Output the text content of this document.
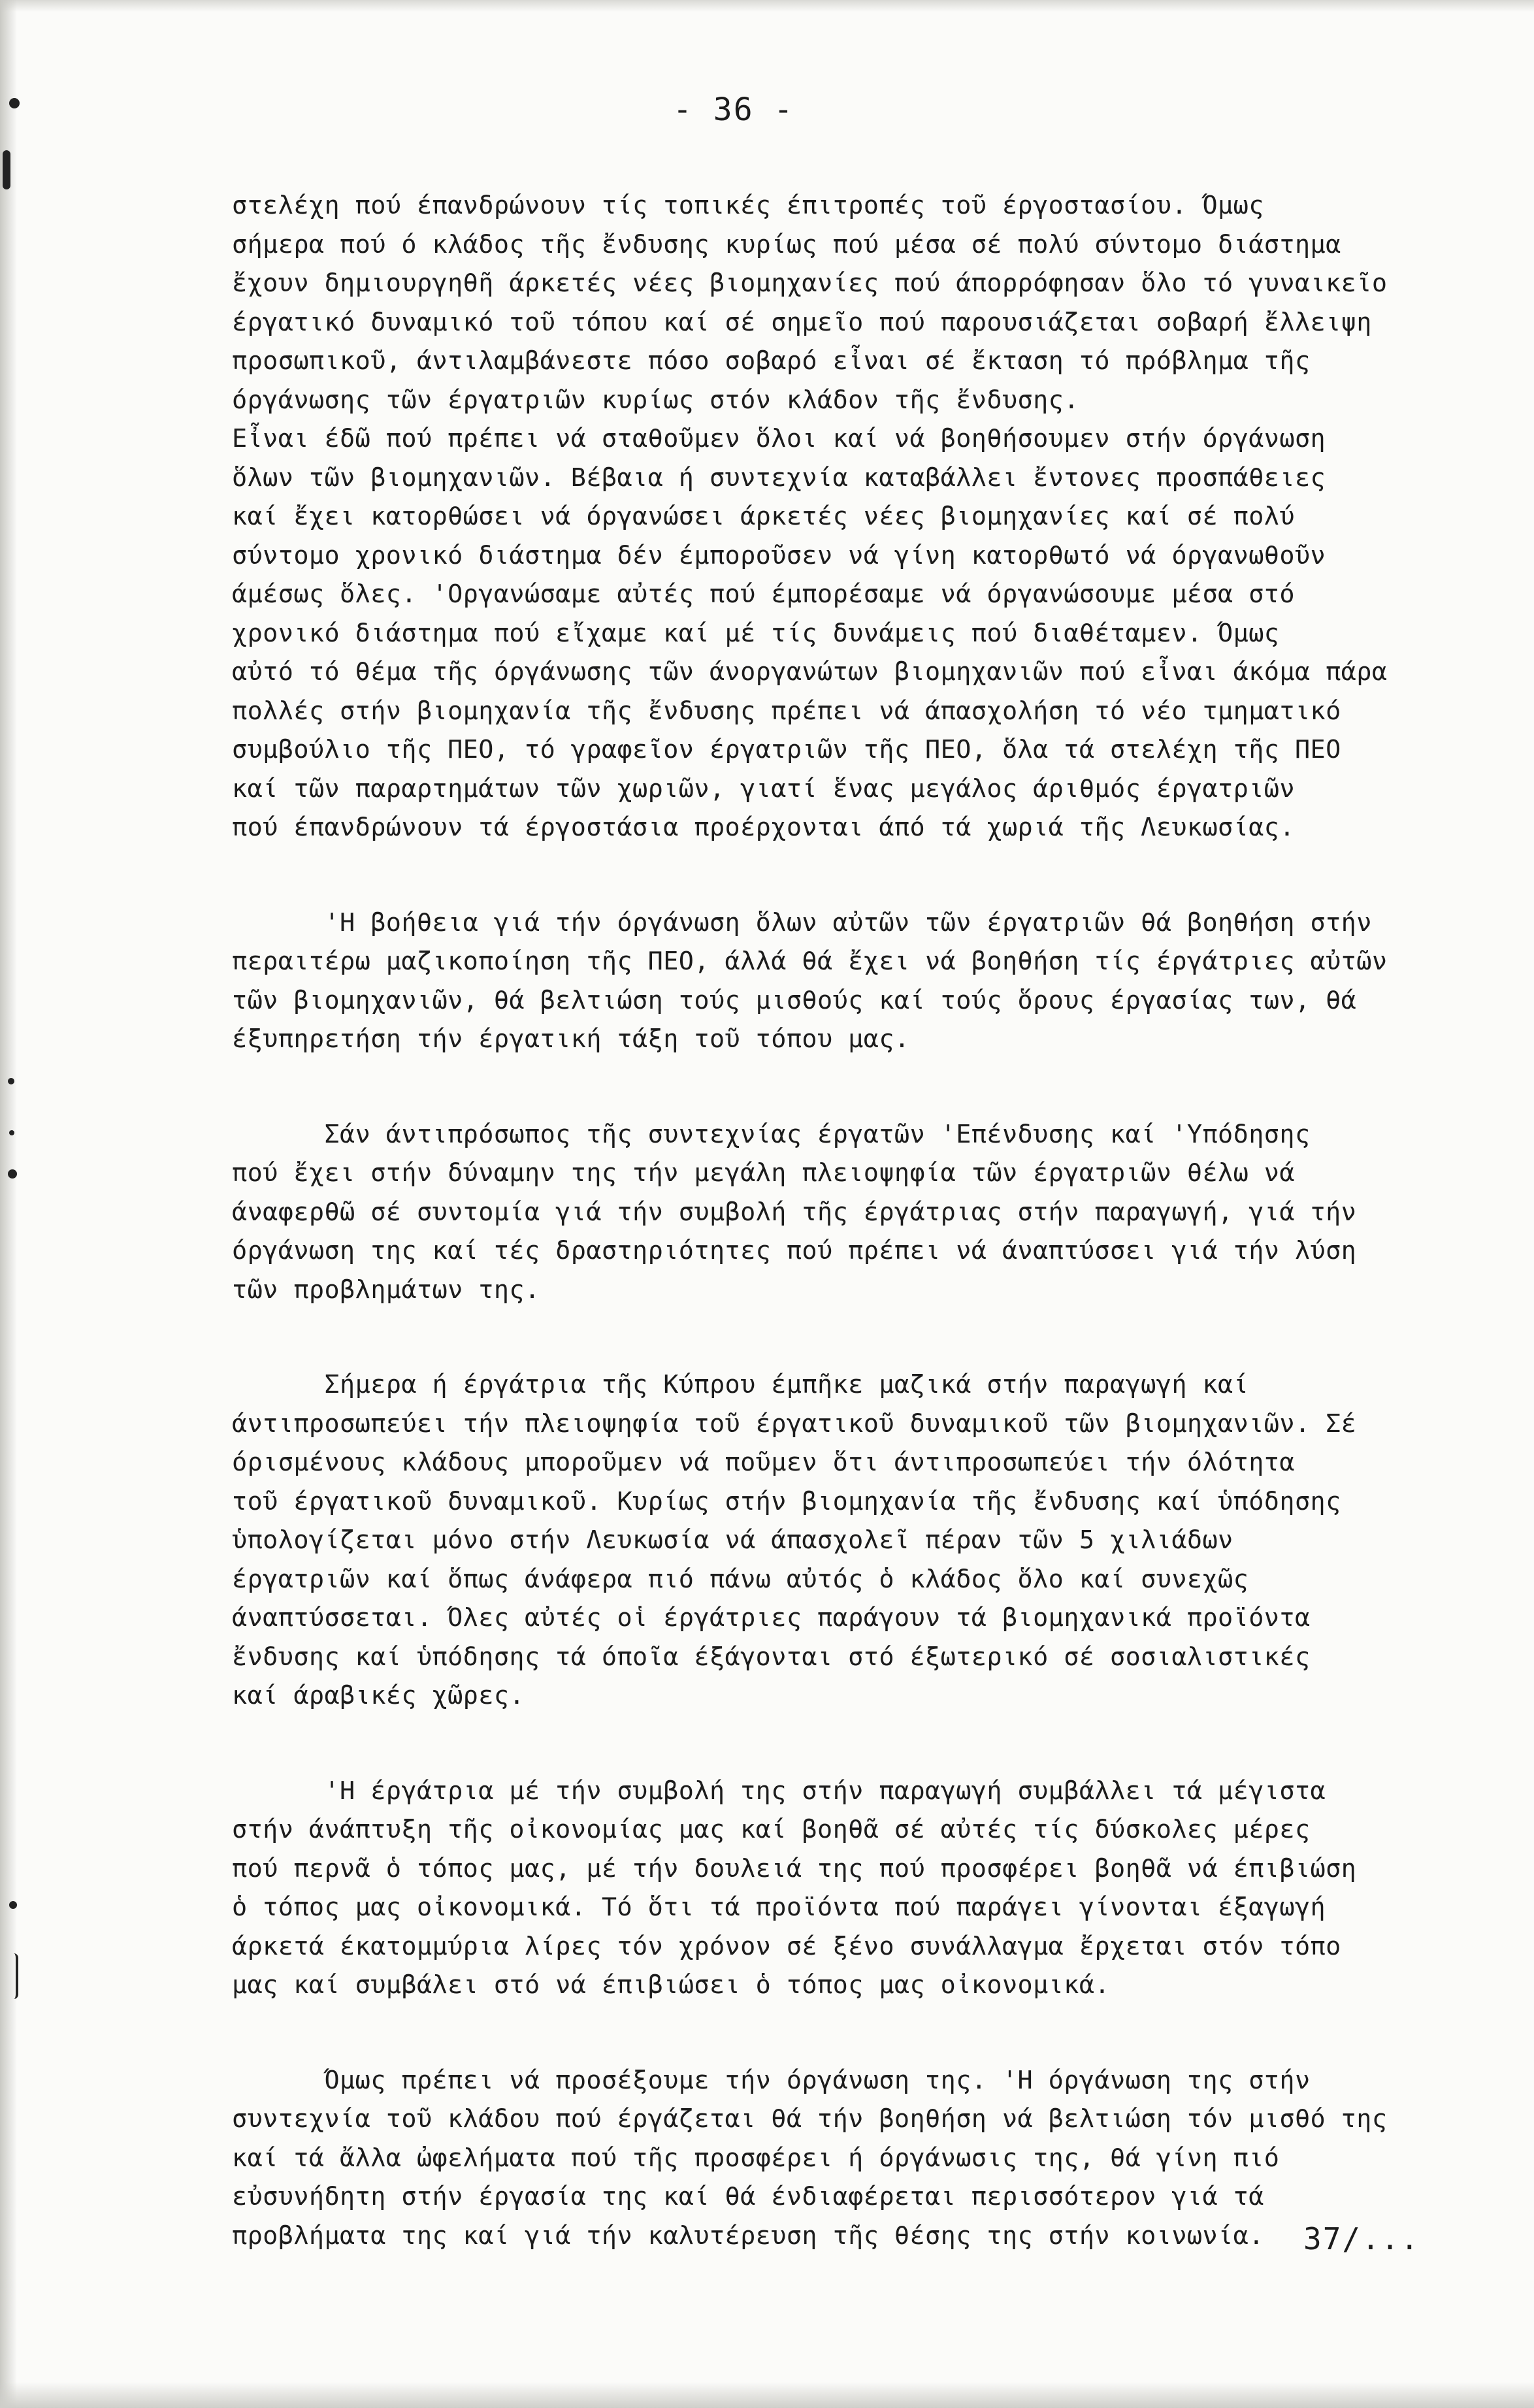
- 36 -
στελέχη πού έπανδρώνουν τίς τοπικές έπιτροπές τοῦ έργοστασίου. Όμως
σήμερα πού ό κλάδος τῆς ἔνδυσης κυρίως πού μέσα σέ πολύ σύντομο διάστημα
ἔχουν δημιουργηθῆ άρκετές νέες βιομηχανίες πού άπορρόφησαν ὅλο τό γυναικεῖο
έργατικό δυναμικό τοῦ τόπου καί σέ σημεῖο πού παρουσιάζεται σοβαρή ἔλλειψη
προσωπικοῦ, άντιλαμβάνεστε πόσο σοβαρό εἶναι σέ ἔκταση τό πρόβλημα τῆς
όργάνωσης τῶν έργατριῶν κυρίως στόν κλάδον τῆς ἔνδυσης.
Εἶναι έδῶ πού πρέπει νά σταθοῦμεν ὅλοι καί νά βοηθήσουμεν στήν όργάνωση
ὅλων τῶν βιομηχανιῶν. Βέβαια ή συντεχνία καταβάλλει ἔντονες προσπάθειες
καί ἔχει κατορθώσει νά όργανώσει άρκετές νέες βιομηχανίες καί σέ πολύ
σύντομο χρονικό διάστημα δέν έμποροῦσεν νά γίνη κατορθωτό νά όργανωθοῦν
άμέσως ὅλες. 'Οργανώσαμε αὐτές πού έμπορέσαμε νά όργανώσουμε μέσα στό
χρονικό διάστημα πού εἴχαμε καί μέ τίς δυνάμεις πού διαθέταμεν. Όμως
αὐτό τό θέμα τῆς όργάνωσης τῶν άνοργανώτων βιομηχανιῶν πού εἶναι άκόμα πάρα
πολλές στήν βιομηχανία τῆς ἔνδυσης πρέπει νά άπασχολήση τό νέο τμηματικό
συμβούλιο τῆς ΠΕΟ, τό γραφεῖον έργατριῶν τῆς ΠΕΟ, ὅλα τά στελέχη τῆς ΠΕΟ
καί τῶν παραρτημάτων τῶν χωριῶν, γιατί ἕνας μεγάλος άριθμός έργατριῶν
πού έπανδρώνουν τά έργοστάσια προέρχονται άπό τά χωριά τῆς Λευκωσίας.
'Η βοήθεια γιά τήν όργάνωση ὅλων αὐτῶν τῶν έργατριῶν θά βοηθήση στήν
περαιτέρω μαζικοποίηση τῆς ΠΕΟ, άλλά θά ἔχει νά βοηθήση τίς έργάτριες αὐτῶν
τῶν βιομηχανιῶν, θά βελτιώση τούς μισθούς καί τούς ὅρους έργασίας των, θά
έξυπηρετήση τήν έργατική τάξη τοῦ τόπου μας.
Σάν άντιπρόσωπος τῆς συντεχνίας έργατῶν 'Επένδυσης καί 'Υπόδησης
πού ἔχει στήν δύναμην της τήν μεγάλη πλειοψηφία τῶν έργατριῶν θέλω νά
άναφερθῶ σέ συντομία γιά τήν συμβολή τῆς έργάτριας στήν παραγωγή, γιά τήν
όργάνωση της καί τές δραστηριότητες πού πρέπει νά άναπτύσσει γιά τήν λύση
τῶν προβλημάτων της.
Σήμερα ή έργάτρια τῆς Κύπρου έμπῆκε μαζικά στήν παραγωγή καί
άντιπροσωπεύει τήν πλειοψηφία τοῦ έργατικοῦ δυναμικοῦ τῶν βιομηχανιῶν. Σέ
όρισμένους κλάδους μποροῦμεν νά ποῦμεν ὅτι άντιπροσωπεύει τήν όλότητα
τοῦ έργατικοῦ δυναμικοῦ. Κυρίως στήν βιομηχανία τῆς ἔνδυσης καί ὑπόδησης
ὑπολογίζεται μόνο στήν Λευκωσία νά άπασχολεῖ πέραν τῶν 5 χιλιάδων
έργατριῶν καί ὅπως άνάφερα πιό πάνω αὐτός ὁ κλάδος ὅλο καί συνεχῶς
άναπτύσσεται. Όλες αὐτές οἱ έργάτριες παράγουν τά βιομηχανικά προϊόντα
ἔνδυσης καί ὑπόδησης τά όποῖα έξάγονται στό έξωτερικό σέ σοσιαλιστικές
καί άραβικές χῶρες.
'Η έργάτρια μέ τήν συμβολή της στήν παραγωγή συμβάλλει τά μέγιστα
στήν άνάπτυξη τῆς οἰκονομίας μας καί βοηθᾶ σέ αὐτές τίς δύσκολες μέρες
πού περνᾶ ὁ τόπος μας, μέ τήν δουλειά της πού προσφέρει βοηθᾶ νά έπιβιώση
ὁ τόπος μας οἰκονομικά. Τό ὅτι τά προϊόντα πού παράγει γίνονται έξαγωγή
άρκετά έκατομμύρια λίρες τόν χρόνον σέ ξένο συνάλλαγμα ἔρχεται στόν τόπο
μας καί συμβάλει στό νά έπιβιώσει ὁ τόπος μας οἰκονομικά.
Όμως πρέπει νά προσέξουμε τήν όργάνωση της. 'Η όργάνωση της στήν
συντεχνία τοῦ κλάδου πού έργάζεται θά τήν βοηθήση νά βελτιώση τόν μισθό της
καί τά ἄλλα ὠφελήματα πού τῆς προσφέρει ή όργάνωσις της, θά γίνη πιό
εὐσυνήδητη στήν έργασία της καί θά ένδιαφέρεται περισσότερον γιά τά
προβλήματα της καί γιά τήν καλυτέρευση τῆς θέσης της στήν κοινωνία.	37/...
